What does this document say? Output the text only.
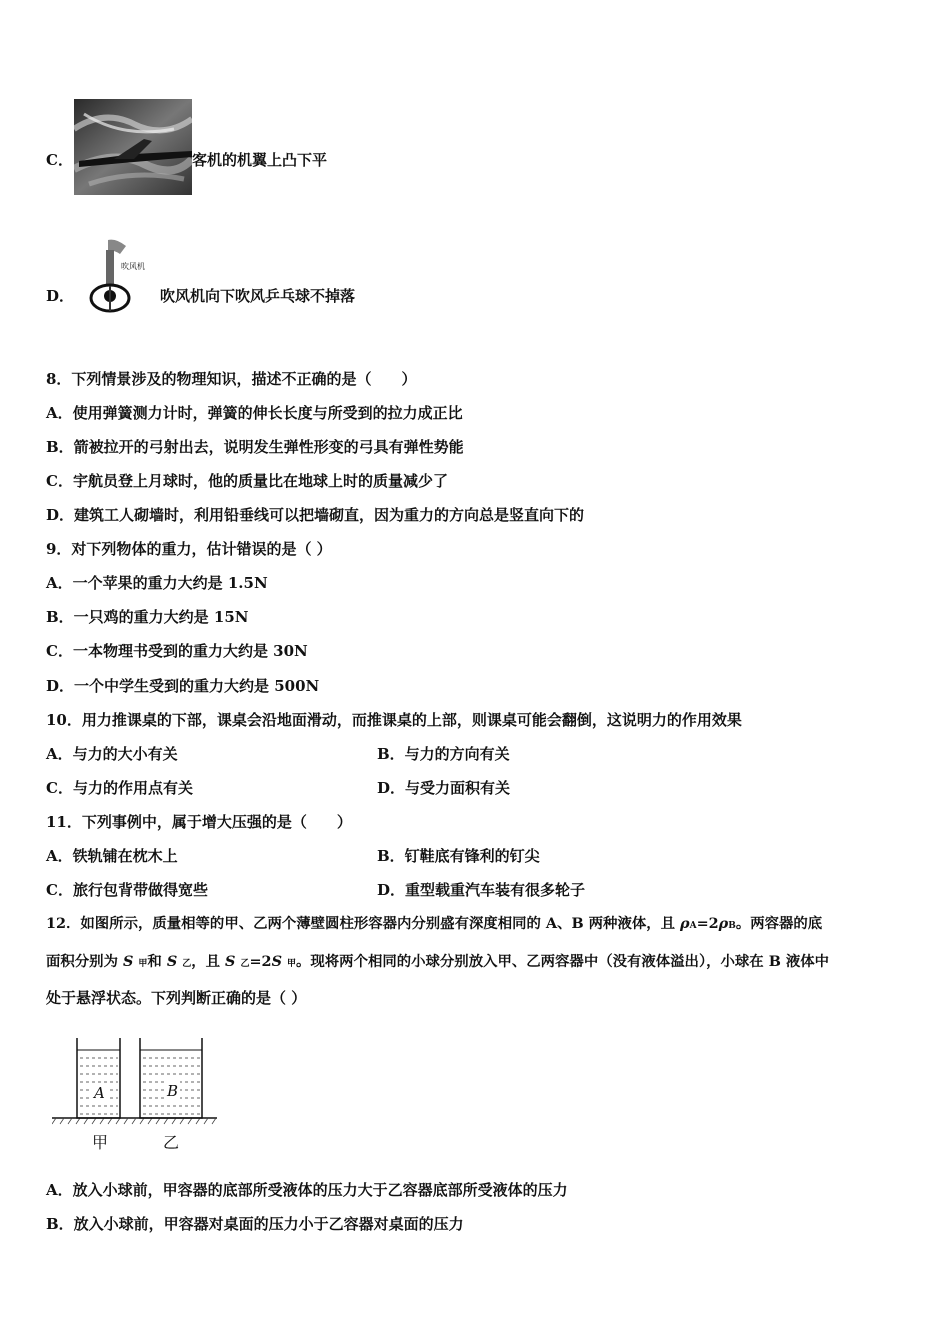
C．	客机的机翼上凸下平
D．
吹风机
吹风机向下吹风乒乓球不掉落
8．下列情景涉及的物理知识，描述不正确的是（　　）
A．使用弹簧测力计时，弹簧的伸长长度与所受到的拉力成正比
B．箭被拉开的弓射出去，说明发生弹性形变的弓具有弹性势能
C．宇航员登上月球时，他的质量比在地球上时的质量减少了
D．建筑工人砌墙时，利用铅垂线可以把墙砌直，因为重力的方向总是竖直向下的
9．对下列物体的重力，估计错误的是（ ）
A．一个苹果的重力大约是 1.5N
B．一只鸡的重力大约是 15N
C．一本物理书受到的重力大约是 30N
D．一个中学生受到的重力大约是 500N
10．用力推课桌的下部，课桌会沿地面滑动，而推课桌的上部，则课桌可能会翻倒，这说明力的作用效果
A．与力的大小有关	B．与力的方向有关
C．与力的作用点有关	D．与受力面积有关
11．下列事例中，属于增大压强的是（　　）
A．铁轨铺在枕木上	B．钉鞋底有锋利的钉尖
C．旅行包背带做得宽些	D．重型载重汽车装有很多轮子
12．如图所示，质量相等的甲、乙两个薄壁圆柱形容器内分别盛有深度相同的 A、B 两种液体，且 ρA=2ρB。两容器的底
面积分别为 S 甲和 S 乙，且 S 乙=2S 甲。现将两个相同的小球分别放入甲、乙两容器中（没有液体溢出），小球在 B 液体中
处于悬浮状态。下列判断正确的是（ ）
A	B
甲	乙
A．放入小球前，甲容器的底部所受液体的压力大于乙容器底部所受液体的压力
B．放入小球前，甲容器对桌面的压力小于乙容器对桌面的压力
